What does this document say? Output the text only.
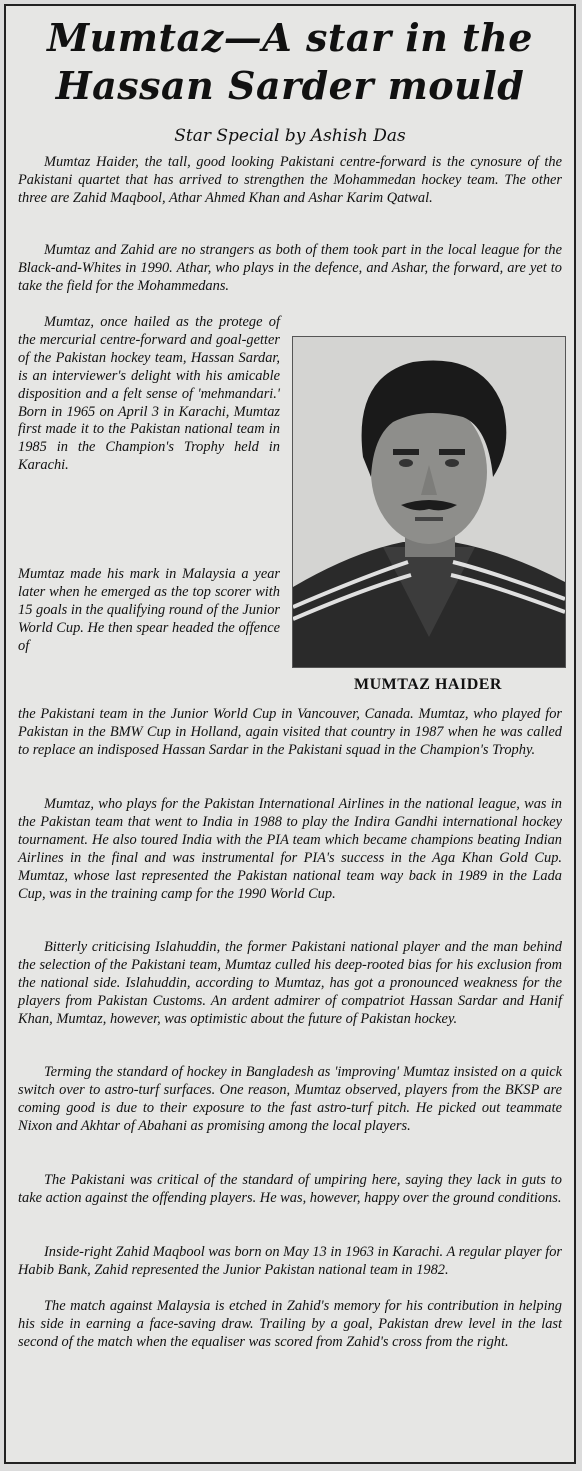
Mumtaz—A star in the
Hassan Sarder mould
Star Special by Ashish Das

Mumtaz Haider, the tall, good looking Pakistani centre-forward is the cynosure of the Pakistani quartet that has arrived to strengthen the Mohammedan hockey team. The other three are Zahid Maqbool, Athar Ahmed Khan and Ashar Karim Qatwal.

Mumtaz and Zahid are no strangers as both of them took part in the local league for the Black-and-Whites in 1990. Athar, who plays in the defence, and Ashar, the forward, are yet to take the field for the Mohammedans.

Mumtaz, once hailed as the protege of the mercurial centre-forward and goal-getter of the Pakistan hockey team, Hassan Sardar, is an interviewer's delight with his amicable disposition and a felt sense of 'mehmandari.' Born in 1965 on April 3 in Karachi, Mumtaz first made it to the Pakistan national team in 1985 in the Champion's Trophy held in Karachi.

Mumtaz made his mark in Malaysia a year later when he emerged as the top scorer with 15 goals in the qualifying round of the Junior World Cup. He then spear headed the offence of

the Pakistani team in the Junior World Cup in Vancouver, Canada. Mumtaz, who played for Pakistan in the BMW Cup in Holland, again visited that country in 1987 when he was called to replace an indisposed Hassan Sardar in the Pakistani squad in the Champion's Trophy.

MUMTAZ HAIDER

Mumtaz, who plays for the Pakistan International Airlines in the national league, was in the Pakistan team that went to India in 1988 to play the Indira Gandhi international hockey tournament. He also toured India with the PIA team which became champions beating Indian Airlines in the final and was instrumental for PIA's success in the Aga Khan Gold Cup. Mumtaz, whose last represented the Pakistan national team way back in 1989 in the Lada Cup, was in the training camp for the 1990 World Cup.

Bitterly criticising Islahuddin, the former Pakistani national player and the man behind the selection of the Pakistani team, Mumtaz culled his deep-rooted bias for his exclusion from the national side. Islahuddin, according to Mumtaz, has got a pronounced weakness for the players from Pakistan Customs. An ardent admirer of compatriot Hassan Sardar and Hanif Khan, Mumtaz, however, was optimistic about the future of Pakistan hockey.

Terming the standard of hockey in Bangladesh as 'improving' Mumtaz insisted on a quick switch over to astro-turf surfaces. One reason, Mumtaz observed, players from the BKSP are coming good is due to their exposure to the fast astro-turf pitch. He picked out teammate Nixon and Akhtar of Abahani as promising among the local players.

The Pakistani was critical of the standard of umpiring here, saying they lack in guts to take action against the offending players. He was, however, happy over the ground conditions.

Inside-right Zahid Maqbool was born on May 13 in 1963 in Karachi. A regular player for Habib Bank, Zahid represented the Junior Pakistan national team in 1982.

The match against Malaysia is etched in Zahid's memory for his contribution in helping his side in earning a face-saving draw. Trailing by a goal, Pakistan drew level in the last second of the match when the equaliser was scored from Zahid's cross from the right.
